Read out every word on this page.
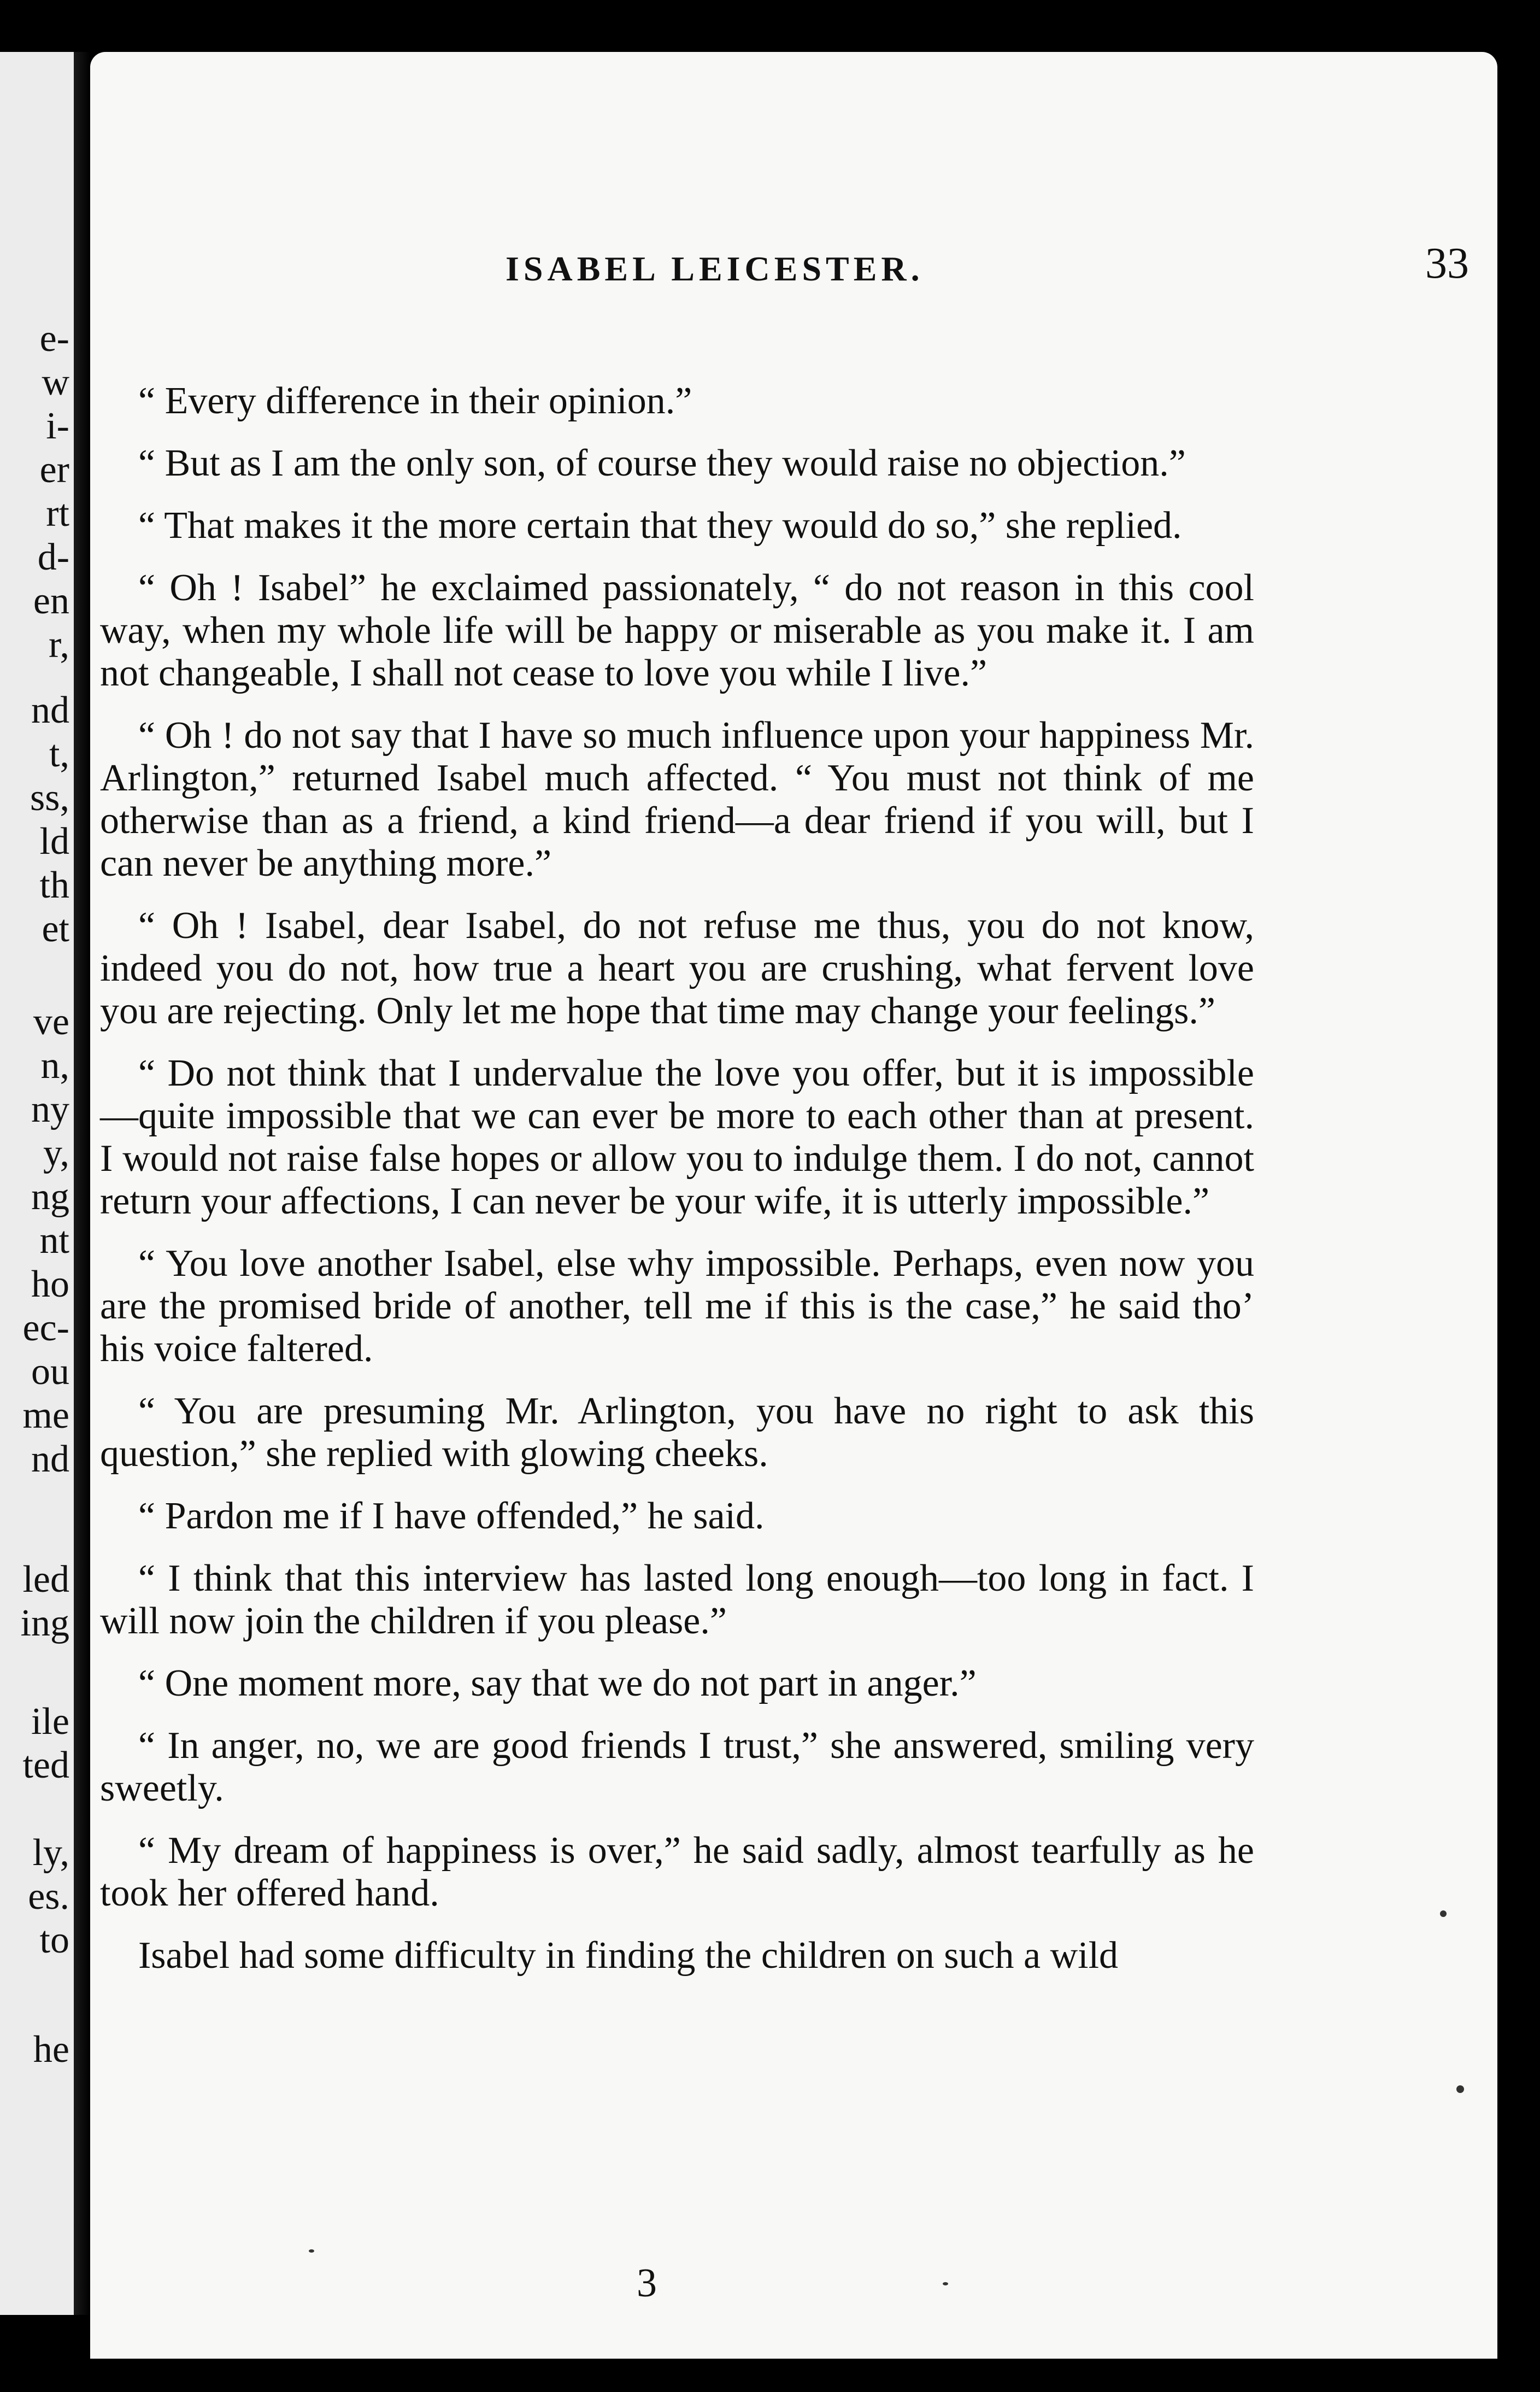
e-
w
i-
er
rt
d-
en
r,
nd
t,
ss,
ld
th
et
ve
n,
ny
y,
ng
nt
ho
ec-
ou
me
nd
led
ing
ile
ted
ly,
es.
to
he
ISABEL LEICESTER.	33

“ Every difference in their opinion.”

“ But as I am the only son, of course they would raise no objection.”

“ That makes it the more certain that they would do so,” she replied.

“ Oh ! Isabel” he exclaimed passionately, “ do not reason in this cool way, when my whole life will be happy or miserable as you make it. I am not changeable, I shall not cease to love you while I live.”

“ Oh ! do not say that I have so much influence upon your happiness Mr. Arlington,” returned Isabel much affected. “ You must not think of me otherwise than as a friend, a kind friend—a dear friend if you will, but I can never be anything more.”

“ Oh ! Isabel, dear Isabel, do not refuse me thus, you do not know, indeed you do not, how true a heart you are crushing, what fervent love you are rejecting. Only let me hope that time may change your feelings.”

“ Do not think that I undervalue the love you offer, but it is impossible—quite impossible that we can ever be more to each other than at present. I would not raise false hopes or allow you to indulge them. I do not, cannot return your affections, I can never be your wife, it is utterly impossible.”

“ You love another Isabel, else why impossible. Perhaps, even now you are the promised bride of another, tell me if this is the case,” he said tho’ his voice faltered.

“ You are presuming Mr. Arlington, you have no right to ask this question,” she replied with glowing cheeks.

“ Pardon me if I have offended,” he said.

“ I think that this interview has lasted long enough—too long in fact. I will now join the children if you please.”

“ One moment more, say that we do not part in anger.”

“ In anger, no, we are good friends I trust,” she answered, smiling very sweetly.

“ My dream of happiness is over,” he said sadly, almost tearfully as he took her offered hand.

Isabel had some difficulty in finding the children on such a wild

3
